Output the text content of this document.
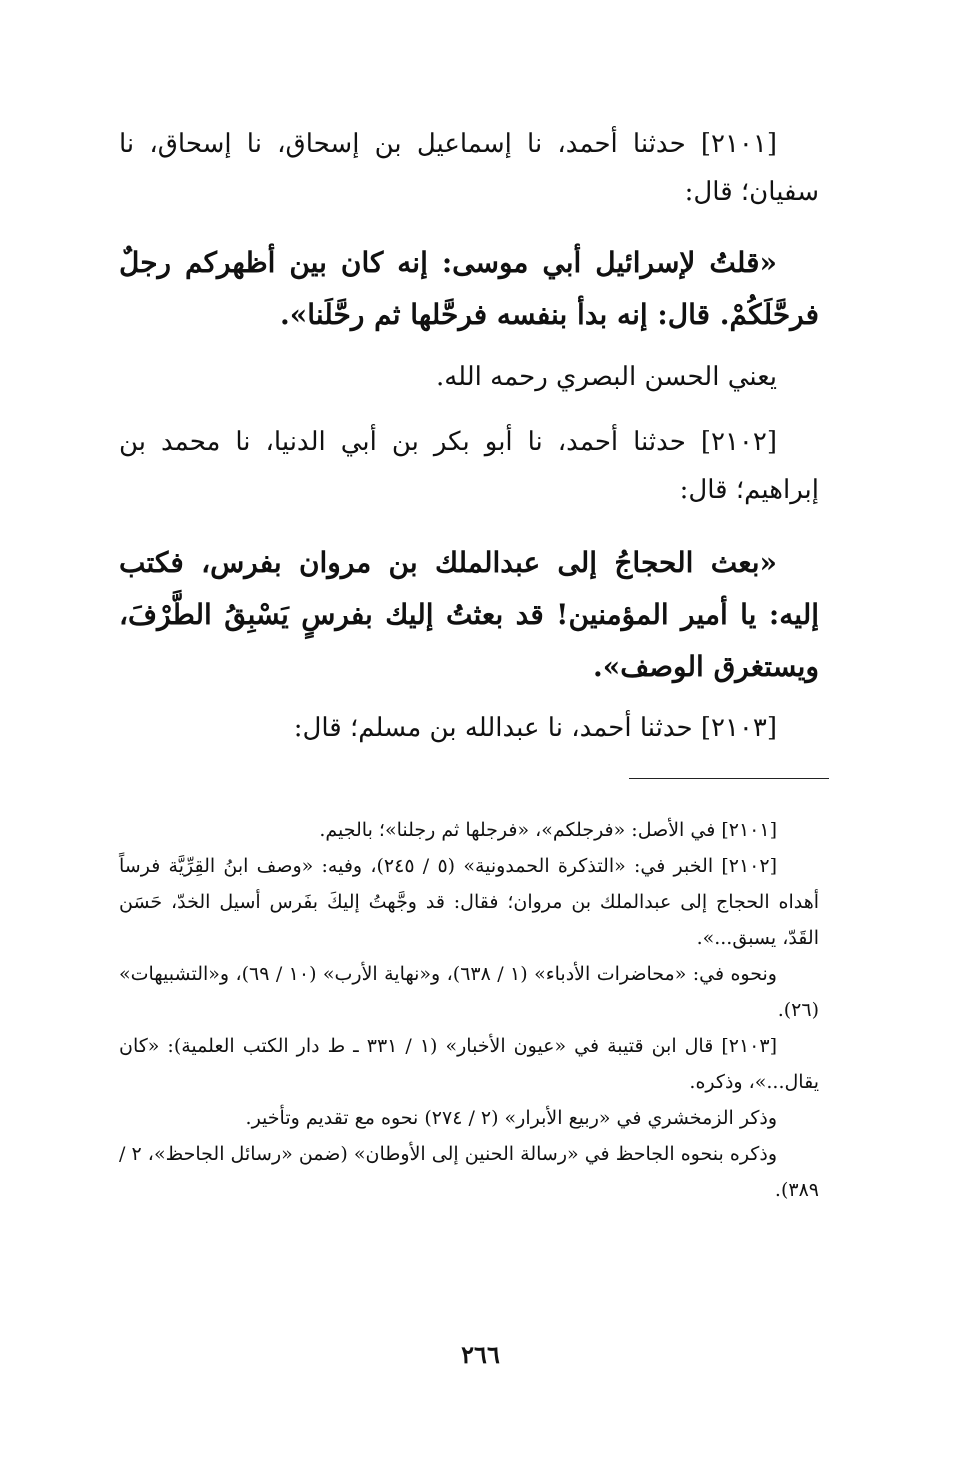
[٢١٠١] حدثنا أحمد، نا إسماعيل بن إسحاق، نا إسحاق، نا سفيان؛ قال:

«قلتُ لإسرائيل أبي موسى: إنه كان بين أظهركم رجلٌ فرحَّلَكُمْ. قال: إنه بدأ بنفسه فرحَّلها ثم رحَّلَنا».

يعني الحسن البصري رحمه الله.

[٢١٠٢] حدثنا أحمد، نا أبو بكر بن أبي الدنيا، نا محمد بن إبراهيم؛ قال:

«بعث الحجاجُ إلى عبدالملك بن مروان بفرس، فكتب إليه: يا أمير المؤمنين! قد بعثتُ إليك بفرسٍ يَسْبِقُ الطَّرْفَ، ويستغرق الوصف».

[٢١٠٣] حدثنا أحمد، نا عبدالله بن مسلم؛ قال:

[٢١٠١] في الأصل: «فرجلكم»، «فرجلها ثم رجلنا»؛ بالجيم.

[٢١٠٢] الخبر في: «التذكرة الحمدونية» (٥ / ٢٤٥)، وفيه: «وصف ابنُ القِرِّيَّة فرساً أهداه الحجاج إلى عبدالملك بن مروان؛ فقال: قد وجَّهتُ إليكَ بفَرس أسيل الخدّ، حَسَن القَدّ، يسبق...».

ونحوه في: «محاضرات الأدباء» (١ / ٦٣٨)، و«نهاية الأرب» (١٠ / ٦٩)، و«التشبيهات» (٢٦).

[٢١٠٣] قال ابن قتيبة في «عيون الأخبار» (١ / ٣٣١ ـ ط دار الكتب العلمية): «كان يقال...»، وذكره.

وذكر الزمخشري في «ربيع الأبرار» (٢ / ٢٧٤) نحوه مع تقديم وتأخير.

وذكره بنحوه الجاحظ في «رسالة الحنين إلى الأوطان» (ضمن «رسائل الجاحظ»، ٢ / ٣٨٩).

٢٦٦
